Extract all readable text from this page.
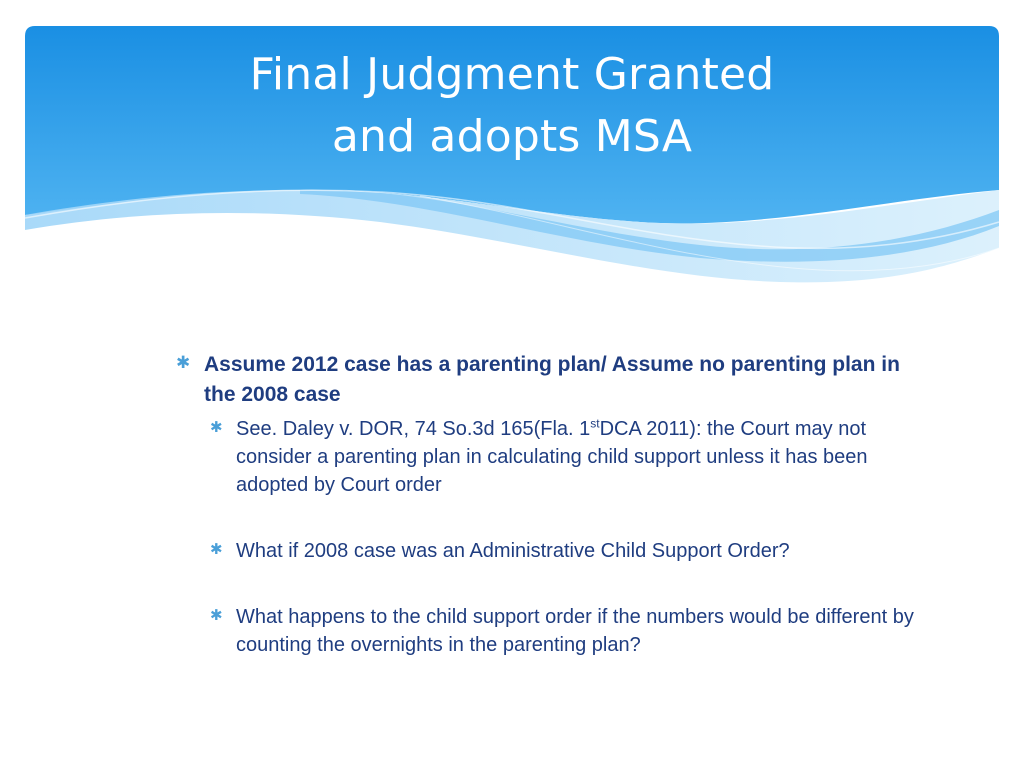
Final Judgment Granted
and adopts MSA
✱ Assume 2012 case has a parenting plan/ Assume no parenting plan in the 2008 case
✱ See. Daley v. DOR, 74 So.3d 165(Fla. 1stDCA 2011): the Court may not consider a parenting plan in calculating child support unless it has been adopted by Court order
✱ What if 2008 case was an Administrative Child Support Order?
✱ What happens to the child support order if the numbers would be different by counting the overnights in the parenting plan?
